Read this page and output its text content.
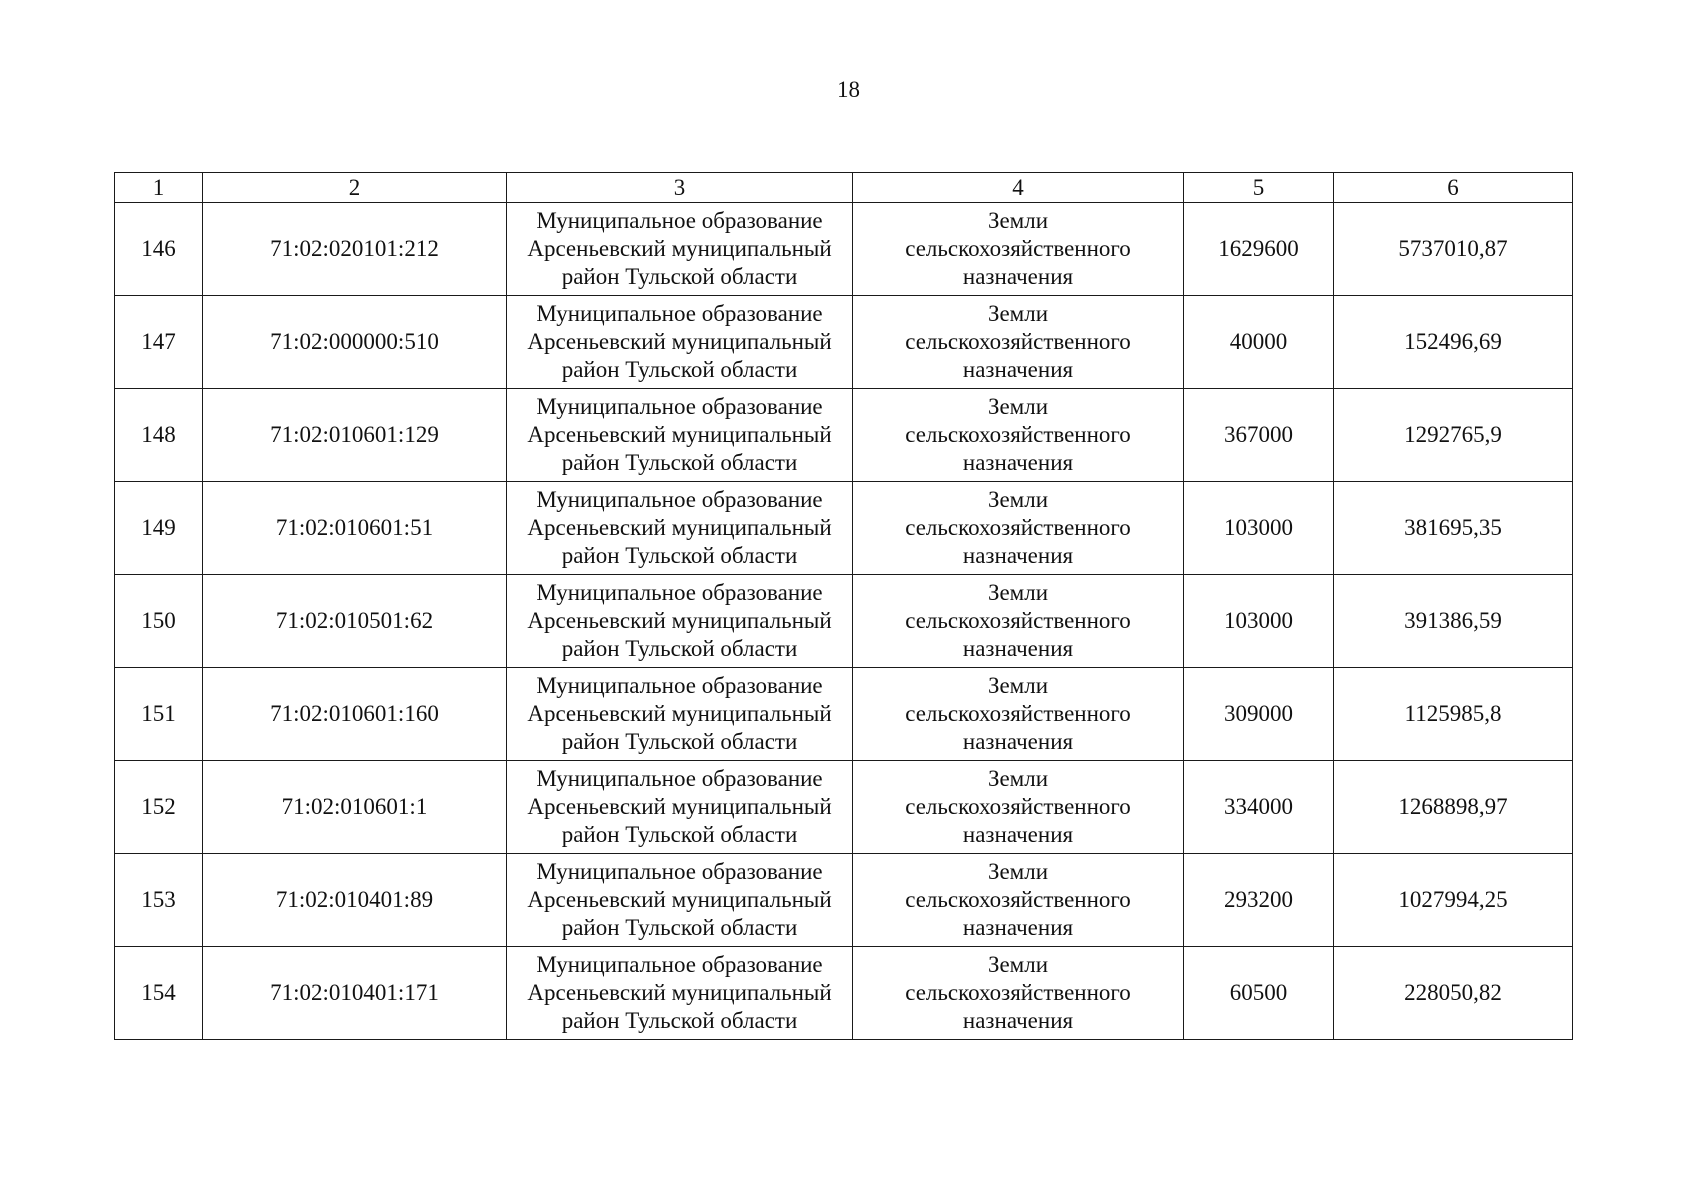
18
1	2	3	4	5	6
146	71:02:020101:212	Муниципальное образование
Арсеньевский муниципальный
район Тульской области	Земли
сельскохозяйственного
назначения	1629600	5737010,87
147	71:02:000000:510	Муниципальное образование
Арсеньевский муниципальный
район Тульской области	Земли
сельскохозяйственного
назначения	40000	152496,69
148	71:02:010601:129	Муниципальное образование
Арсеньевский муниципальный
район Тульской области	Земли
сельскохозяйственного
назначения	367000	1292765,9
149	71:02:010601:51	Муниципальное образование
Арсеньевский муниципальный
район Тульской области	Земли
сельскохозяйственного
назначения	103000	381695,35
150	71:02:010501:62	Муниципальное образование
Арсеньевский муниципальный
район Тульской области	Земли
сельскохозяйственного
назначения	103000	391386,59
151	71:02:010601:160	Муниципальное образование
Арсеньевский муниципальный
район Тульской области	Земли
сельскохозяйственного
назначения	309000	1125985,8
152	71:02:010601:1	Муниципальное образование
Арсеньевский муниципальный
район Тульской области	Земли
сельскохозяйственного
назначения	334000	1268898,97
153	71:02:010401:89	Муниципальное образование
Арсеньевский муниципальный
район Тульской области	Земли
сельскохозяйственного
назначения	293200	1027994,25
154	71:02:010401:171	Муниципальное образование
Арсеньевский муниципальный
район Тульской области	Земли
сельскохозяйственного
назначения	60500	228050,82
